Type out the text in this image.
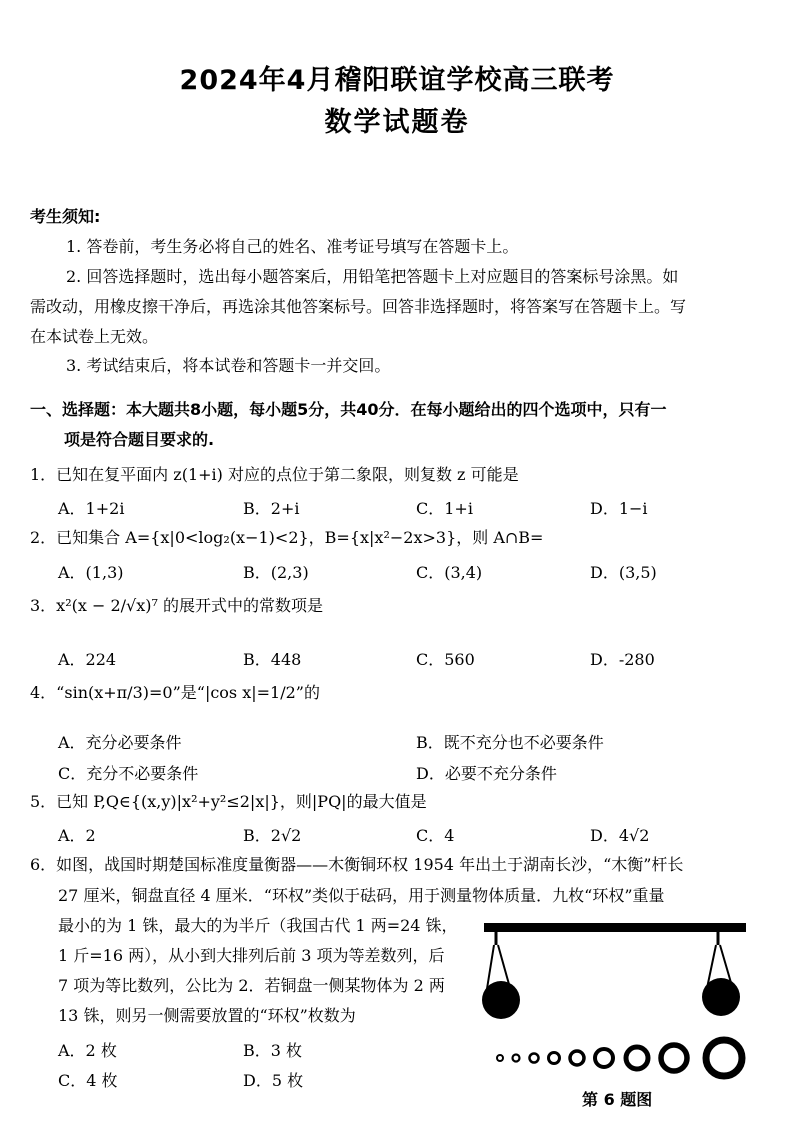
2024年4月稽阳联谊学校高三联考
数学试题卷
考生须知:
1. 答卷前，考生务必将自己的姓名、准考证号填写在答题卡上。
2. 回答选择题时，选出每小题答案后，用铅笔把答题卡上对应题目的答案标号涂黑。如
需改动，用橡皮擦干净后，再选涂其他答案标号。回答非选择题时，将答案写在答题卡上。写
在本试卷上无效。
3. 考试结束后，将本试卷和答题卡一并交回。
一、选择题：本大题共8小题，每小题5分，共40分．在每小题给出的四个选项中，只有一
项是符合题目要求的.
1．已知在复平面内 z(1+i) 对应的点位于第二象限，则复数 z 可能是
A．1+2i	B．2+i	C．1+i	D．1−i
2．已知集合 A={x|0<log₂(x−1)<2}，B={x|x²−2x>3}，则 A∩B=
A．(1,3)	B．(2,3)	C．(3,4)	D．(3,5)
3．x²(x − 2/√x)⁷ 的展开式中的常数项是
A．224	B．448	C．560	D．-280
4．“sin(x+π/3)=0”是“|cos x|=1/2”的
A．充分必要条件	B．既不充分也不必要条件
C．充分不必要条件	D．必要不充分条件
5．已知 P,Q∈{(x,y)|x²+y²≤2|x|}，则|PQ|的最大值是
A．2	B．2√2	C．4	D．4√2
6．如图，战国时期楚国标准度量衡器——木衡铜环权 1954 年出土于湖南长沙，“木衡”杆长
27 厘米，铜盘直径 4 厘米．“环权”类似于砝码，用于测量物体质量．九枚“环权”重量
最小的为 1 铢，最大的为半斤（我国古代 1 两=24 铢，
1 斤=16 两），从小到大排列后前 3 项为等差数列，后
7 项为等比数列，公比为 2．若铜盘一侧某物体为 2 两
13 铢，则另一侧需要放置的“环权”枚数为
A．2 枚	B．3 枚
C．4 枚	D．5 枚
第 6 题图
